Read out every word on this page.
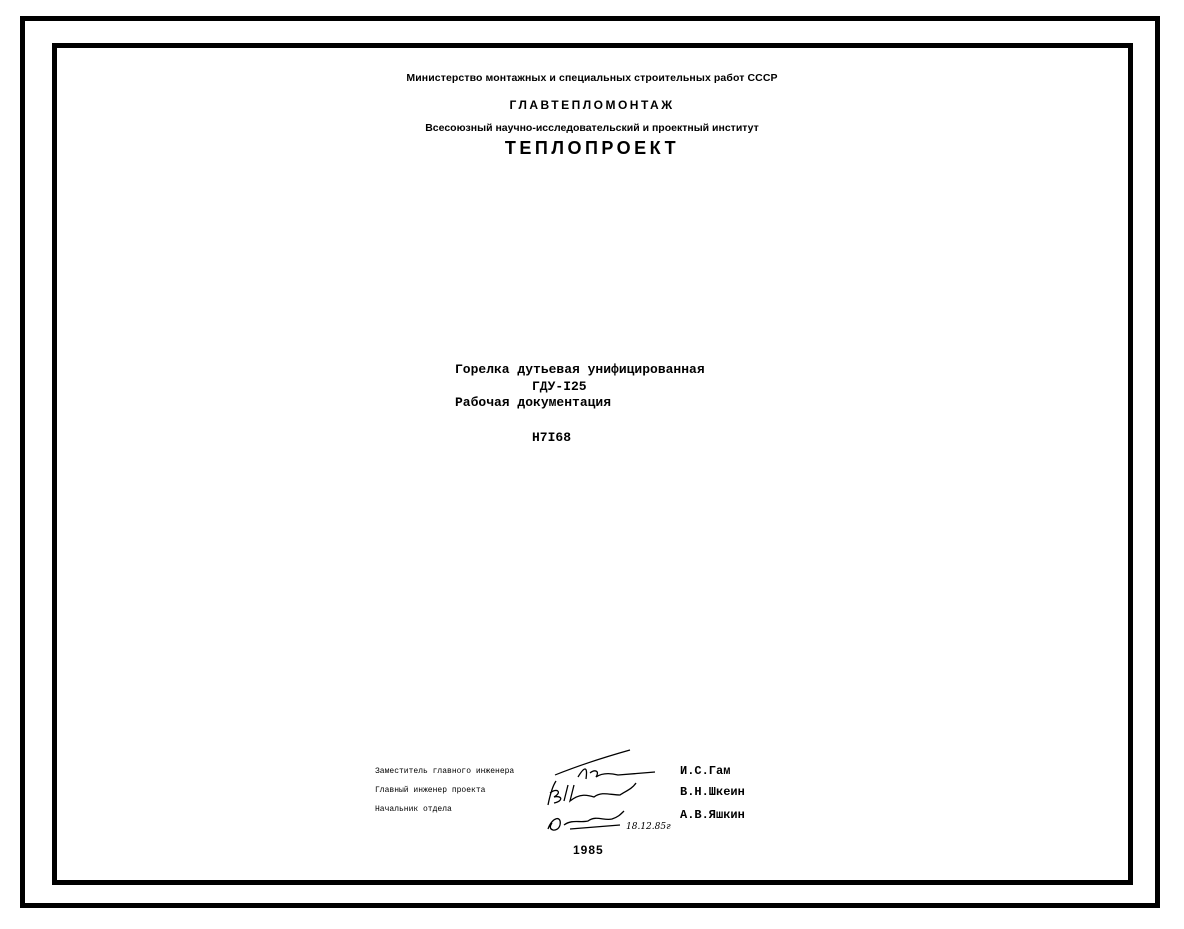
Министерство монтажных и специальных строительных работ СССР
ГЛАВТЕПЛОМОНТАЖ
Всесоюзный научно-исследовательский и проектный институт
ТЕПЛОПРОЕКТ
Горелка дутьевая унифицированная
ГДУ-I25
Рабочая документация
Н7I68
Заместитель главного инженера
Главный инженер проекта
Начальник отдела
18.12.85г
И.С.Гам
В.Н.Шкеин
А.В.Яшкин
1985
